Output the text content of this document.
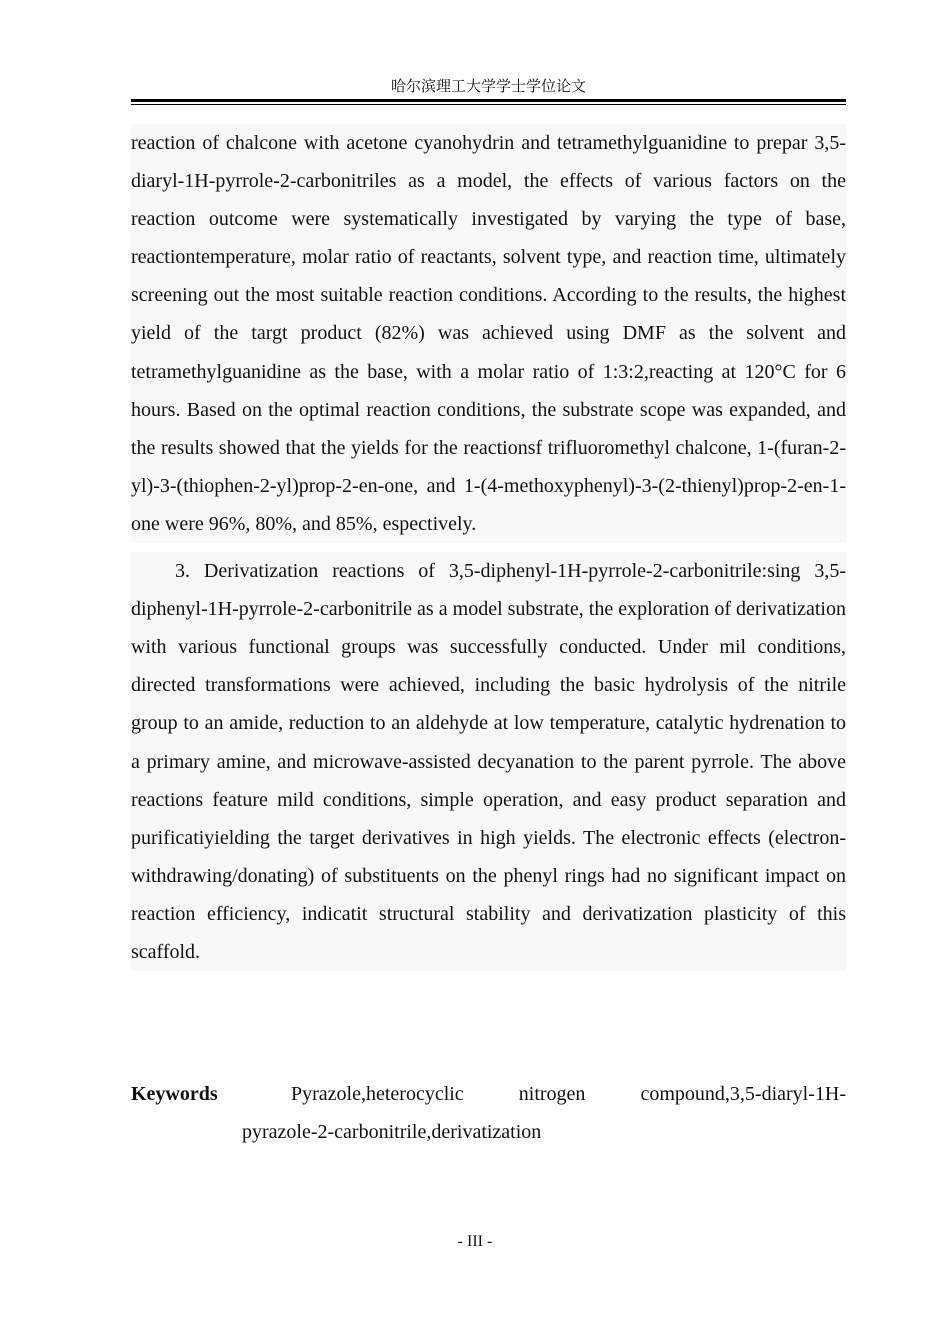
哈尔滨理工大学学士学位论文

reaction of chalcone with acetone cyanohydrin and tetramethylguanidine to prepar 3,5-diaryl-1H-pyrrole-2-carbonitriles as a model, the effects of various factors on the reaction outcome were systematically investigated by varying the type of base, reactiontemperature, molar ratio of reactants, solvent type, and reaction time, ultimately screening out the most suitable reaction conditions. According to the results, the highest yield of the targt product (82%) was achieved using DMF as the solvent and tetramethylguanidine as the base, with a molar ratio of 1:3:2,reacting at 120°C for 6 hours. Based on the optimal reaction conditions, the substrate scope was expanded, and the results showed that the yields for the reactionsf trifluoromethyl chalcone, 1-(furan-2-yl)-3-(thiophen-2-yl)prop-2-en-one, and 1-(4-methoxyphenyl)-3-(2-thienyl)prop-2-en-1-one were 96%, 80%, and 85%, espectively.

3. Derivatization reactions of 3,5-diphenyl-1H-pyrrole-2-carbonitrile:sing 3,5-diphenyl-1H-pyrrole-2-carbonitrile as a model substrate, the exploration of derivatization with various functional groups was successfully conducted. Under mil conditions, directed transformations were achieved, including the basic hydrolysis of the nitrile group to an amide, reduction to an aldehyde at low temperature, catalytic hydrenation to a primary amine, and microwave-assisted decyanation to the parent pyrrole. The above reactions feature mild conditions, simple operation, and easy product separation and purificatiyielding the target derivatives in high yields. The electronic effects (electron-withdrawing/donating) of substituents on the phenyl rings had no significant impact on reaction efficiency, indicatit structural stability and derivatization plasticity of this scaffold.

Keywords	Pyrazole,heterocyclic nitrogen compound,3,5-diaryl-1H-
pyrazole-2-carbonitrile,derivatization
- III -
